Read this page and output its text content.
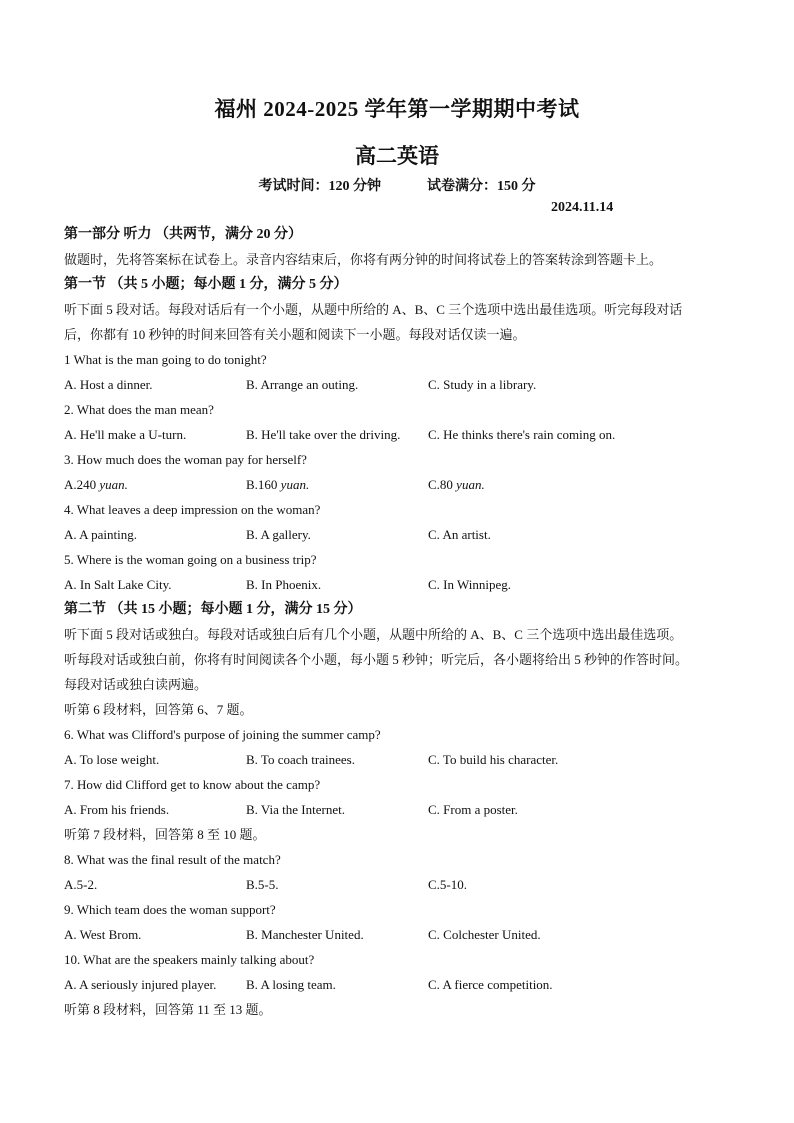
福州 2024-2025 学年第一学期期中考试
高二英语
考试时间：120 分钟	试卷满分：150 分
2024.11.14
第一部分 听力 （共两节，满分 20 分）
做题时，先将答案标在试卷上。录音内容结束后，你将有两分钟的时间将试卷上的答案转涂到答题卡上。
第一节 （共 5 小题；每小题 1 分，满分 5 分）
听下面 5 段对话。每段对话后有一个小题，从题中所给的 A、B、C 三个选项中选出最佳选项。听完每段对话
后，你都有 10 秒钟的时间来回答有关小题和阅读下一小题。每段对话仅读一遍。
1 What is the man going to do tonight?
A. Host a dinner.	B. Arrange an outing.	C. Study in a library.
2. What does the man mean?
A. He'll make a U-turn.	B. He'll take over the driving.	C. He thinks there's rain coming on.
3. How much does the woman pay for herself?
A.240 yuan.	B.160 yuan.	C.80 yuan.
4. What leaves a deep impression on the woman?
A. A painting.	B. A gallery.	C. An artist.
5. Where is the woman going on a business trip?
A. In Salt Lake City.	B. In Phoenix.	C. In Winnipeg.
第二节 （共 15 小题；每小题 1 分，满分 15 分）
听下面 5 段对话或独白。每段对话或独白后有几个小题，从题中所给的 A、B、C 三个选项中选出最佳选项。
听每段对话或独白前，你将有时间阅读各个小题，每小题 5 秒钟；听完后，各小题将给出 5 秒钟的作答时间。
每段对话或独白读两遍。
听第 6 段材料，回答第 6、7 题。
6. What was Clifford's purpose of joining the summer camp?
A. To lose weight.	B. To coach trainees.	C. To build his character.
7. How did Clifford get to know about the camp?
A. From his friends.	B. Via the Internet.	C. From a poster.
听第 7 段材料，回答第 8 至 10 题。
8. What was the final result of the match?
A.5-2.	B.5-5.	C.5-10.
9. Which team does the woman support?
A. West Brom.	B. Manchester United.	C. Colchester United.
10. What are the speakers mainly talking about?
A. A seriously injured player.	B. A losing team.	C. A fierce competition.
听第 8 段材料，回答第 11 至 13 题。
